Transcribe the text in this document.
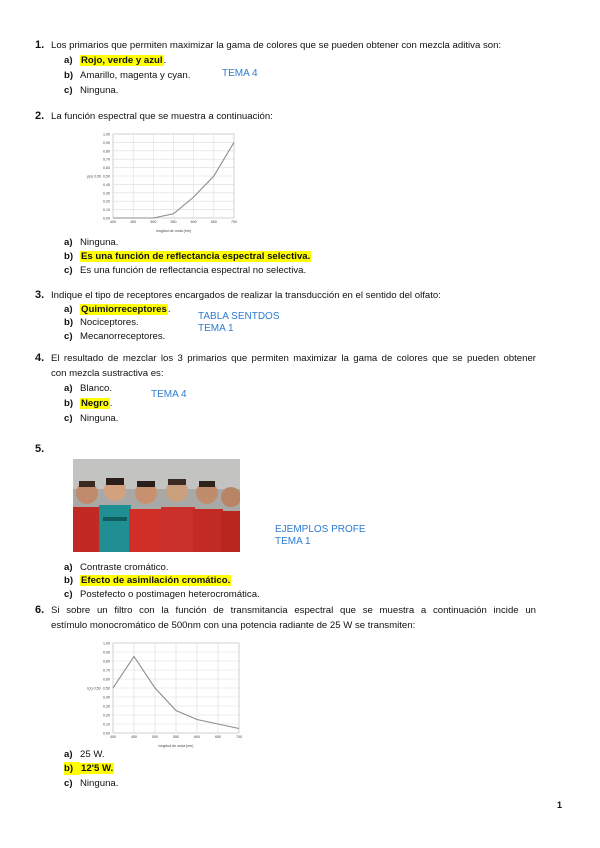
1. Los primarios que permiten maximizar la gama de colores que se pueden obtener con mezcla aditiva son:
a) Rojo, verde y azul.
b) Amarillo, magenta y cyan.
c) Ninguna.
TEMA 4
2. La función espectral que se muestra a continuación:
0,00
0,10
0,20
0,30
0,40
0,50
0,60
0,70
0,80
0,90
1,00
400	450	500	550	600	650	700
ρ(λ) 0,50
longitud de onda (nm)
a) Ninguna.
b) Es una función de reflectancia espectral selectiva.
c) Es una función de reflectancia espectral no selectiva.
3. Indique el tipo de receptores encargados de realizar la transducción en el sentido del olfato:
a) Quimiorreceptores.
b) Nociceptores.
c) Mecanorreceptores.
TABLA SENTDOS
TEMA 1
4. El resultado de mezclar los 3 primarios que permiten maximizar la gama de colores que se pueden obtener
con mezcla sustractiva es:
a) Blanco.
b) Negro.
c) Ninguna.
TEMA 4
5.
EJEMPLOS PROFE
TEMA 1
a) Contraste cromático.
b) Efecto de asimilación cromático.
c) Postefecto o postimagen heterocromática.
6. Si sobre un filtro con la función de transmitancia espectral que se muestra a continuación incide un
estímulo monocromático de 500nm con una potencia radiante de 25 W se transmiten:
0,00
0,10
0,20
0,30
0,40
0,50
0,60
0,70
0,80
0,90
1,00
400	450	500	550	600	650	700
τ(λ) 0,50
longitud de onda (nm)
a) 25 W.
b) 12'5 W.
c) Ninguna.
1
